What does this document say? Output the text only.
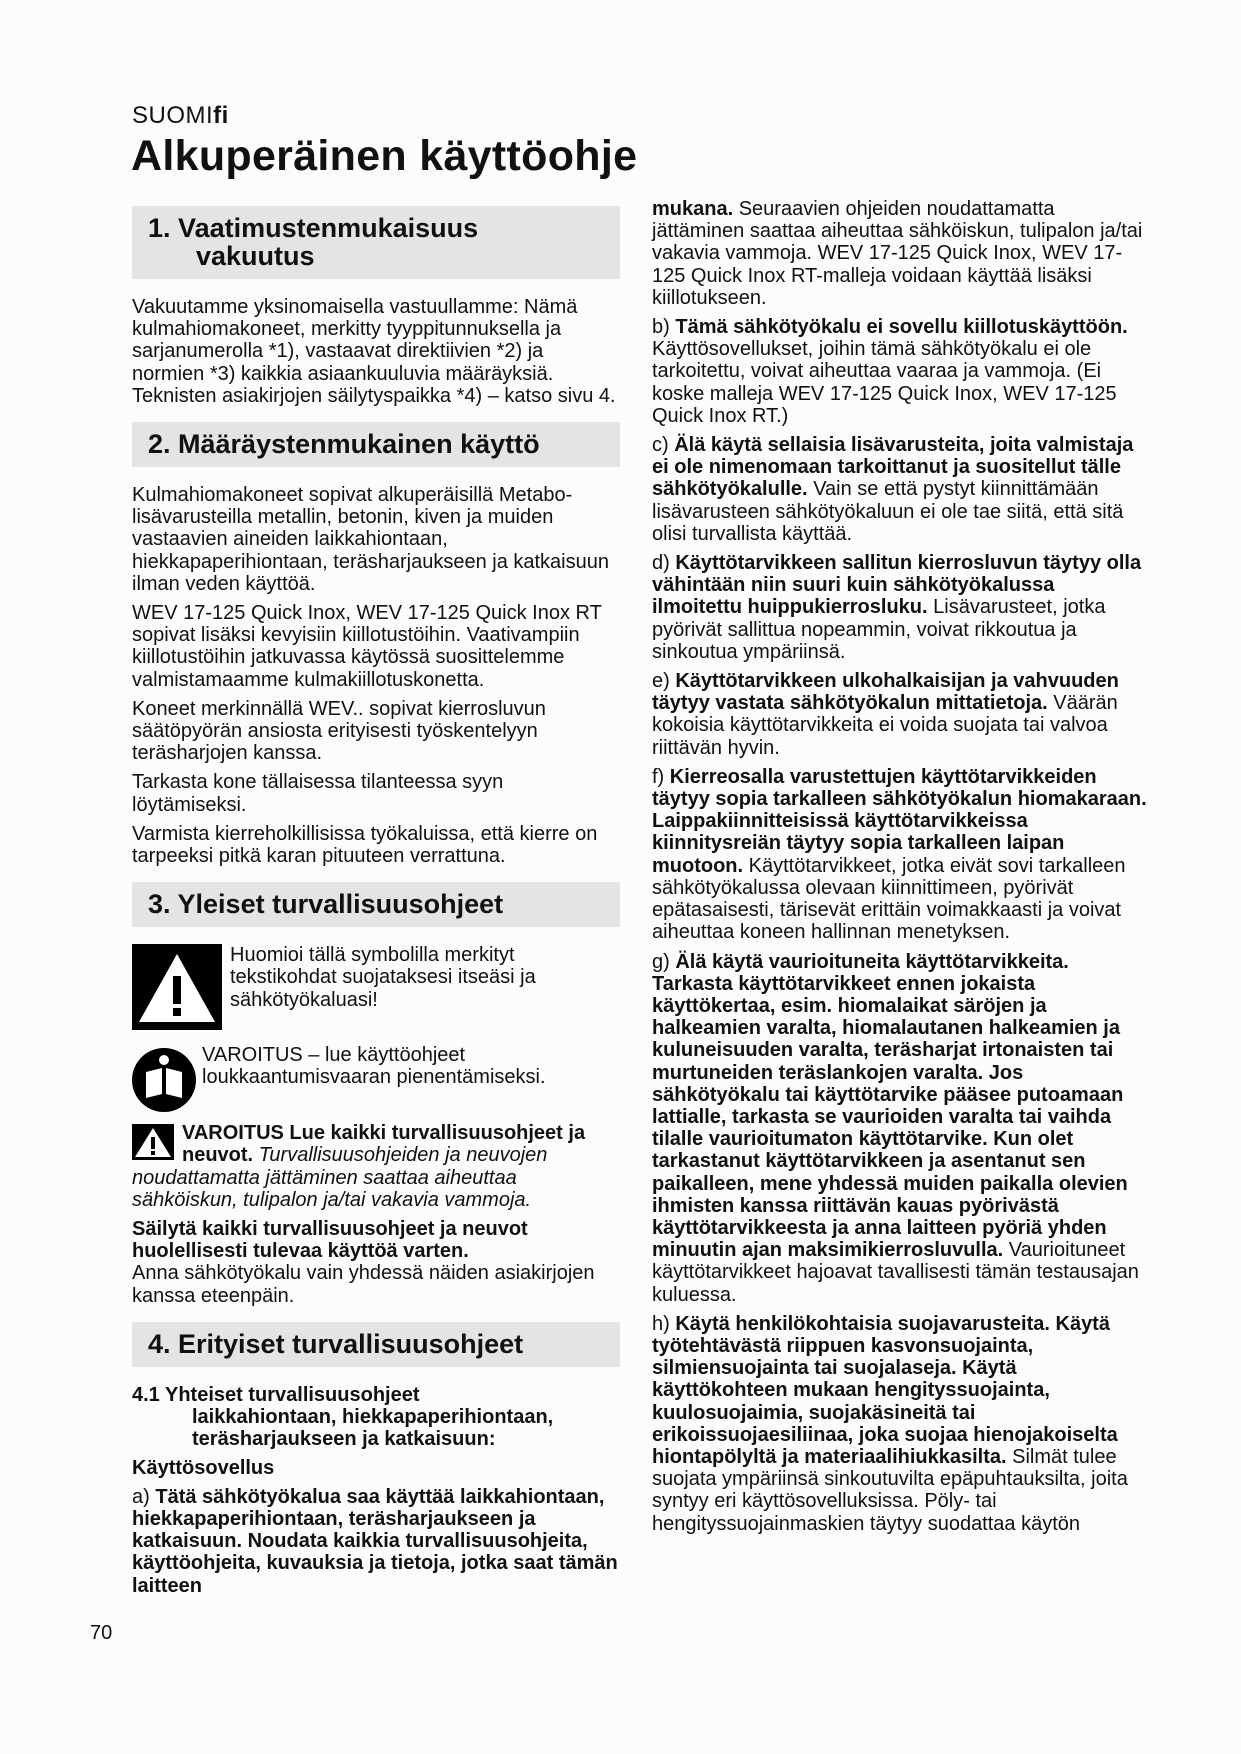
SUOMIfi
Alkuperäinen käyttöohje
1. Vaatimustenmukaisuus
vakuutus

Vakuutamme yksinomaisella vastuullamme: Nämä kulmahiomakoneet, merkitty tyyppitunnuksella ja sarjanumerolla *1), vastaavat direktiivien *2) ja normien *3) kaikkia asiaankuuluvia määräyksiä. Teknisten asiakirjojen säilytyspaikka *4) – katso sivu 4.

2. Määräystenmukainen käyttö

Kulmahiomakoneet sopivat alkuperäisillä Metabo-lisävarusteilla metallin, betonin, kiven ja muiden vastaavien aineiden laikkahiontaan, hiekkapaperihiontaan, teräsharjaukseen ja katkaisuun ilman veden käyttöä.

WEV 17-125 Quick Inox, WEV 17-125 Quick Inox RT sopivat lisäksi kevyisiin kiillotustöihin. Vaativampiin kiillotustöihin jatkuvassa käytössä suosittelemme valmistamaamme kulmakiillotuskonetta.

Koneet merkinnällä WEV.. sopivat kierrosluvun säätöpyörän ansiosta erityisesti työskentelyyn teräsharjojen kanssa.

Tarkasta kone tällaisessa tilanteessa syyn löytämiseksi.

Varmista kierreholkillisissa työkaluissa, että kierre on tarpeeksi pitkä karan pituuteen verrattuna.

3. Yleiset turvallisuusohjeet
Huomioi tällä symbolilla merkityt tekstikohdat suojataksesi itseäsi ja sähkötyökaluasi!
VAROITUS – lue käyttöohjeet loukkaantumisvaaran pienentämiseksi.

VAROITUS Lue kaikki turvallisuusohjeet ja neuvot. Turvallisuusohjeiden ja neuvojen noudattamatta jättäminen saattaa aiheuttaa sähköiskun, tulipalon ja/tai vakavia vammoja.

Säilytä kaikki turvallisuusohjeet ja neuvot huolellisesti tulevaa käyttöä varten.

Anna sähkötyökalu vain yhdessä näiden asiakirjojen kanssa eteenpäin.

4. Erityiset turvallisuusohjeet
4.1 Yhteiset turvallisuusohjeet
laikkahiontaan, hiekkapaperihiontaan, teräsharjaukseen ja katkaisuun:

Käyttösovellus

a) Tätä sähkötyökalua saa käyttää laikkahiontaan, hiekkapaperihiontaan, teräsharjaukseen ja katkaisuun. Noudata kaikkia turvallisuusohjeita, käyttöohjeita, kuvauksia ja tietoja, jotka saat tämän laitteen

mukana. Seuraavien ohjeiden noudattamatta jättäminen saattaa aiheuttaa sähköiskun, tulipalon ja/tai vakavia vammoja. WEV 17-125 Quick Inox, WEV 17-125 Quick Inox RT-malleja voidaan käyttää lisäksi kiillotukseen.

b) Tämä sähkötyökalu ei sovellu kiillotuskäyttöön. Käyttösovellukset, joihin tämä sähkötyökalu ei ole tarkoitettu, voivat aiheuttaa vaaraa ja vammoja. (Ei koske malleja WEV 17-125 Quick Inox, WEV 17-125 Quick Inox RT.)

c) Älä käytä sellaisia lisävarusteita, joita valmistaja ei ole nimenomaan tarkoittanut ja suositellut tälle sähkötyökalulle. Vain se että pystyt kiinnittämään lisävarusteen sähkötyökaluun ei ole tae siitä, että sitä olisi turvallista käyttää.

d) Käyttötarvikkeen sallitun kierrosluvun täytyy olla vähintään niin suuri kuin sähkötyökalussa ilmoitettu huippukierrosluku. Lisävarusteet, jotka pyörivät sallittua nopeammin, voivat rikkoutua ja sinkoutua ympäriinsä.

e) Käyttötarvikkeen ulkohalkaisijan ja vahvuuden täytyy vastata sähkötyökalun mittatietoja. Väärän kokoisia käyttötarvikkeita ei voida suojata tai valvoa riittävän hyvin.

f) Kierreosalla varustettujen käyttötarvikkeiden täytyy sopia tarkalleen sähkötyökalun hiomakaraan. Laippakiinnitteisissä käyttötarvikkeissa kiinnitysreiän täytyy sopia tarkalleen laipan muotoon. Käyttötarvikkeet, jotka eivät sovi tarkalleen sähkötyökalussa olevaan kiinnittimeen, pyörivät epätasaisesti, tärisevät erittäin voimakkaasti ja voivat aiheuttaa koneen hallinnan menetyksen.

g) Älä käytä vaurioituneita käyttötarvikkeita. Tarkasta käyttötarvikkeet ennen jokaista käyttökertaa, esim. hiomalaikat säröjen ja halkeamien varalta, hiomalautanen halkeamien ja kuluneisuuden varalta, teräsharjat irtonaisten tai murtuneiden teräslankojen varalta. Jos sähkötyökalu tai käyttötarvike pääsee putoamaan lattialle, tarkasta se vaurioiden varalta tai vaihda tilalle vaurioitumaton käyttötarvike. Kun olet tarkastanut käyttötarvikkeen ja asentanut sen paikalleen, mene yhdessä muiden paikalla olevien ihmisten kanssa riittävän kauas pyörivästä käyttötarvikkeesta ja anna laitteen pyöriä yhden minuutin ajan maksimikierrosluvulla. Vaurioituneet käyttötarvikkeet hajoavat tavallisesti tämän testausajan kuluessa.

h) Käytä henkilökohtaisia suojavarusteita. Käytä työtehtävästä riippuen kasvonsuojainta, silmiensuojainta tai suojalaseja. Käytä käyttökohteen mukaan hengityssuojainta, kuulosuojaimia, suojakäsineitä tai erikoissuojaesiliinaa, joka suojaa hienojakoiselta hiontapölyltä ja materiaalihiukkasilta. Silmät tulee suojata ympäriinsä sinkoutuvilta epäpuhtauksilta, joita syntyy eri käyttösovelluksissa. Pöly- tai hengityssuojainmaskien täytyy suodattaa käytön

70
